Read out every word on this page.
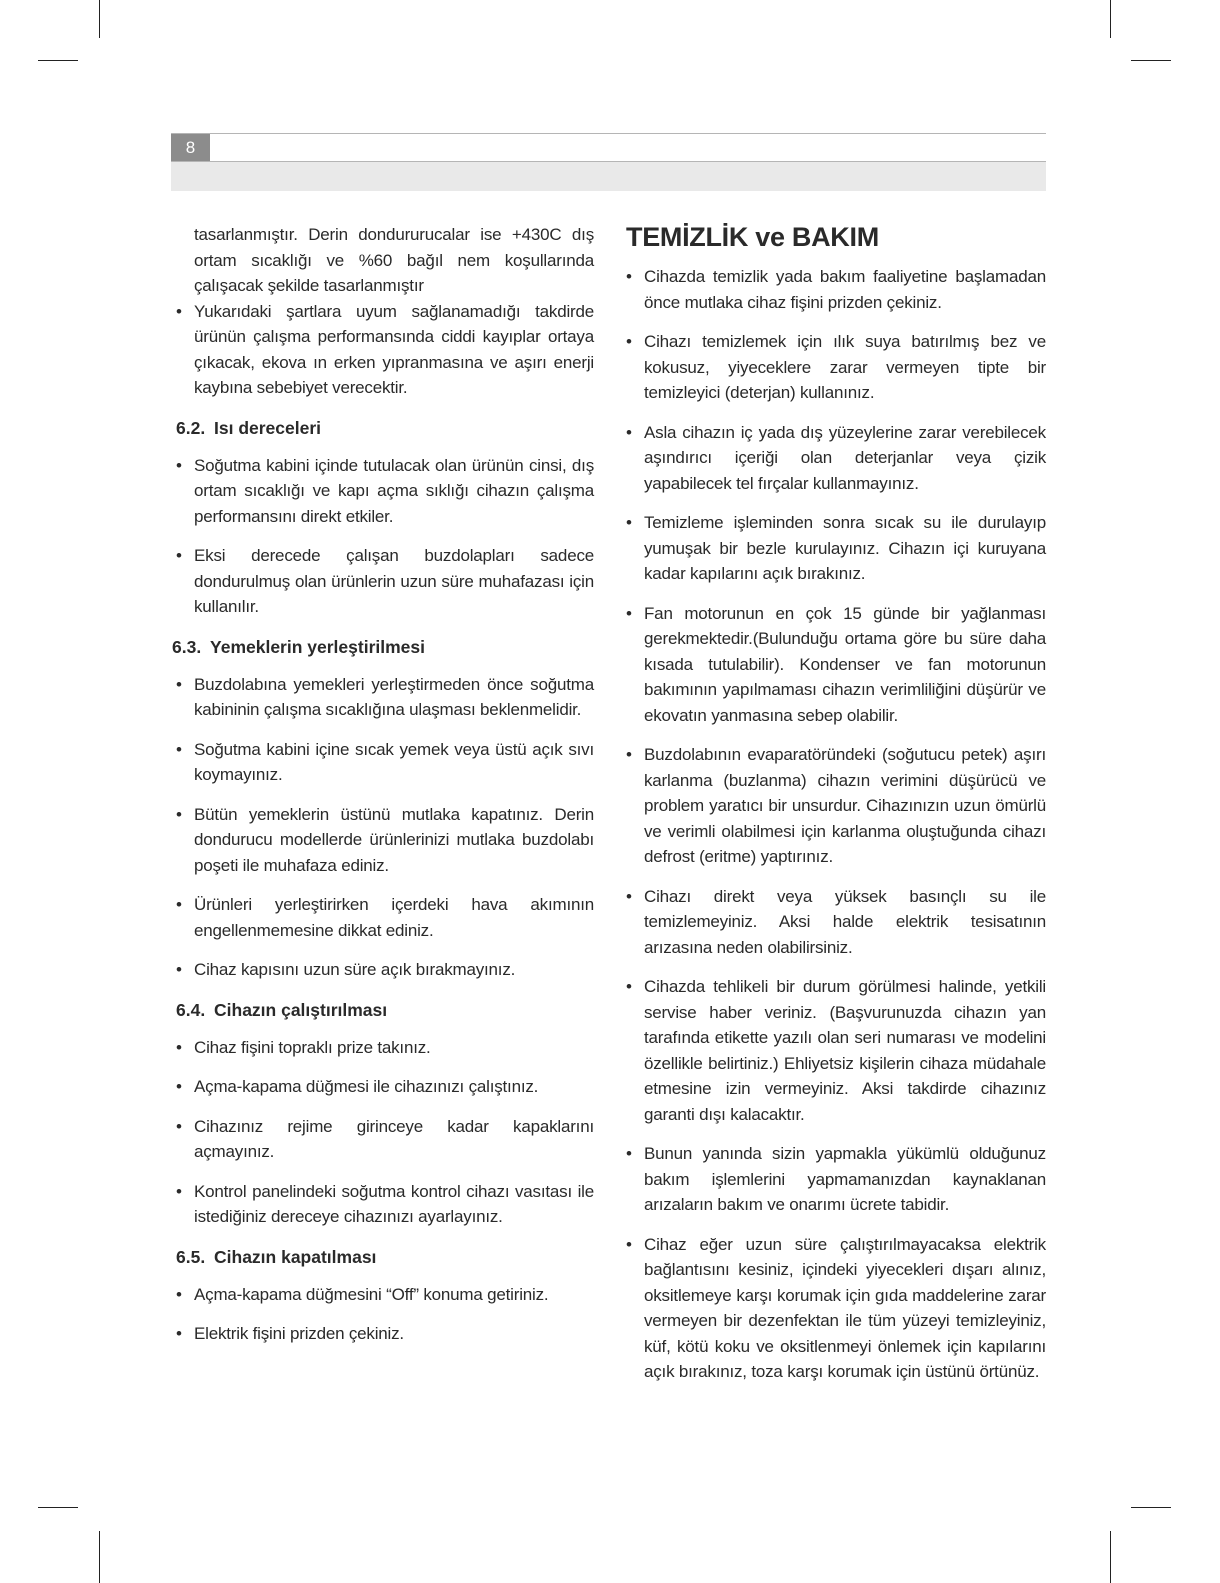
8

tasarlanmıştır. Derin dondururucalar ise +430C dış ortam sıcaklığı ve %60 bağıl nem koşullarında çalışacak şekilde tasarlanmıştır

• Yukarıdaki şartlara uyum sağlanamadığı takdirde ürünün çalışma performansında ciddi kayıplar ortaya çıkacak, ekova ın erken yıpranmasına ve aşırı enerji kaybına sebebiyet verecektir.
6.2. Isı dereceleri
• Soğutma kabini içinde tutulacak olan ürünün cinsi, dış ortam sıcaklığı ve kapı açma sıklığı cihazın çalışma performansını direkt etkiler.
• Eksi derecede çalışan buzdolapları sadece dondurulmuş olan ürünlerin uzun süre muhafazası için kullanılır.
6.3. Yemeklerin yerleştirilmesi
• Buzdolabına yemekleri yerleştirmeden önce soğutma kabininin çalışma sıcaklığına ulaşması beklenmelidir.
• Soğutma kabini içine sıcak yemek veya üstü açık sıvı koymayınız.
• Bütün yemeklerin üstünü mutlaka kapatınız. Derin dondurucu modellerde ürünlerinizi mutlaka buzdolabı poşeti ile muhafaza ediniz.
• Ürünleri yerleştirirken içerdeki hava akımının engellenmemesine dikkat ediniz.
• Cihaz kapısını uzun süre açık bırakmayınız.
6.4. Cihazın çalıştırılması
• Cihaz fişini topraklı prize takınız.
• Açma-kapama düğmesi ile cihazınızı çalıştınız.
• Cihazınız rejime girinceye kadar kapaklarını açmayınız.
• Kontrol panelindeki soğutma kontrol cihazı vasıtası ile istediğiniz dereceye cihazınızı ayarlayınız.
6.5. Cihazın kapatılması
• Açma-kapama düğmesini “Off” konuma getiriniz.
• Elektrik fişini prizden çekiniz.
TEMİZLİK ve BAKIM
• Cihazda temizlik yada bakım faaliyetine başlamadan önce mutlaka cihaz fişini prizden çekiniz.
• Cihazı temizlemek için ılık suya batırılmış bez ve kokusuz, yiyeceklere zarar vermeyen tipte bir temizleyici (deterjan) kullanınız.
• Asla cihazın iç yada dış yüzeylerine zarar verebilecek aşındırıcı içeriği olan deterjanlar veya çizik yapabilecek tel fırçalar kullanmayınız.
• Temizleme işleminden sonra sıcak su ile durulayıp yumuşak bir bezle kurulayınız. Cihazın içi kuruyana kadar kapılarını açık bırakınız.
• Fan motorunun en çok 15 günde bir yağlanması gerekmektedir.(Bulunduğu ortama göre bu süre daha kısada tutulabilir). Kondenser ve fan motorunun bakımının yapılmaması cihazın verimliliğini düşürür ve ekovatın yanmasına sebep olabilir.
• Buzdolabının evaparatöründeki (soğutucu petek) aşırı karlanma (buzlanma) cihazın verimini düşürücü ve problem yaratıcı bir unsurdur. Cihazınızın uzun ömürlü ve verimli olabilmesi için karlanma oluştuğunda cihazı defrost (eritme) yaptırınız.
• Cihazı direkt veya yüksek basınçlı su ile temizlemeyiniz. Aksi halde elektrik tesisatının arızasına neden olabilirsiniz.
• Cihazda tehlikeli bir durum görülmesi halinde, yetkili servise haber veriniz. (Başvurunuzda cihazın yan tarafında etikette yazılı olan seri numarası ve modelini özellikle belirtiniz.) Ehliyetsiz kişilerin cihaza müdahale etmesine izin vermeyiniz. Aksi takdirde cihazınız garanti dışı kalacaktır.
• Bunun yanında sizin yapmakla yükümlü olduğunuz bakım işlemlerini yapmamanızdan kaynaklanan arızaların bakım ve onarımı ücrete tabidir.
• Cihaz eğer uzun süre çalıştırılmayacaksa elektrik bağlantısını kesiniz, içindeki yiyecekleri dışarı alınız, oksitlemeye karşı korumak için gıda maddelerine zarar vermeyen bir dezenfektan ile tüm yüzeyi temizleyiniz, küf, kötü koku ve oksitlenmeyi önlemek için kapılarını açık bırakınız, toza karşı korumak için üstünü örtünüz.
